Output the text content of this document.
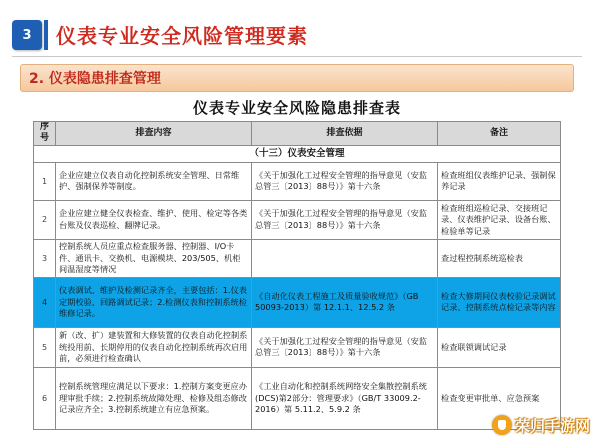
3 仪表专业安全风险管理要素
2. 仪表隐患排查管理
仪表专业安全风险隐患排查表
序号	排查内容	排查依据	备注
（十三）仪表安全管理			
1	企业应建立仪表自动化控制系统安全管理、日常维护、强制保养等制度。	《关于加强化工过程安全管理的指导意见（安监总管三〔2013〕88号）》第十六条	检查班组仪表维护记录、强制保养记录
2	企业应建立健全仪表检查、维护、使用、检定等各类台账及仪表巡检、翻牌记录。	《关于加强化工过程安全管理的指导意见（安监总管三〔2013〕88号）》第十六条	检查班组巡检记录、交接班记录、仪表维护记录、设备台账、检验单等记录
3	控制系统人员应重点检查服务器、控制器、I/O卡件、通讯卡、交换机、电源模块、203/505、机柜间温湿度等情况		查过程控制系统巡检表
4	仪表调试、维护及检测记录齐全，主要包括：1.仪表定期校验、回路调试记录；2.检测仪表和控制系统检维修记录。	《自动化仪表工程施工及质量验收规范》（GB 50093-2013）第 12.1.1、12.5.2 条	检查大修期间仪表校验记录调试记录、控制系统点检记录等内容
5	新（改、扩）建装置和大修装置的仪表自动化控制系统投用前、长期停用的仪表自动化控制系统再次启用前，必须进行检查确认	《关于加强化工过程安全管理的指导意见（安监总管三〔2013〕88号）》第十六条	检查联锁调试记录
6	控制系统管理应满足以下要求：1.控制方案变更应办理审批手续；2.控制系统故障处理、检修及组态修改记录应齐全；3.控制系统建立有应急预案。	《工业自动化和控制系统网络安全集散控制系统(DCS)第2部分：管理要求》（GB/T 33009.2-2016）第 5.11.2、5.9.2 条	检查变更审批单、应急预案
荣归手游网
